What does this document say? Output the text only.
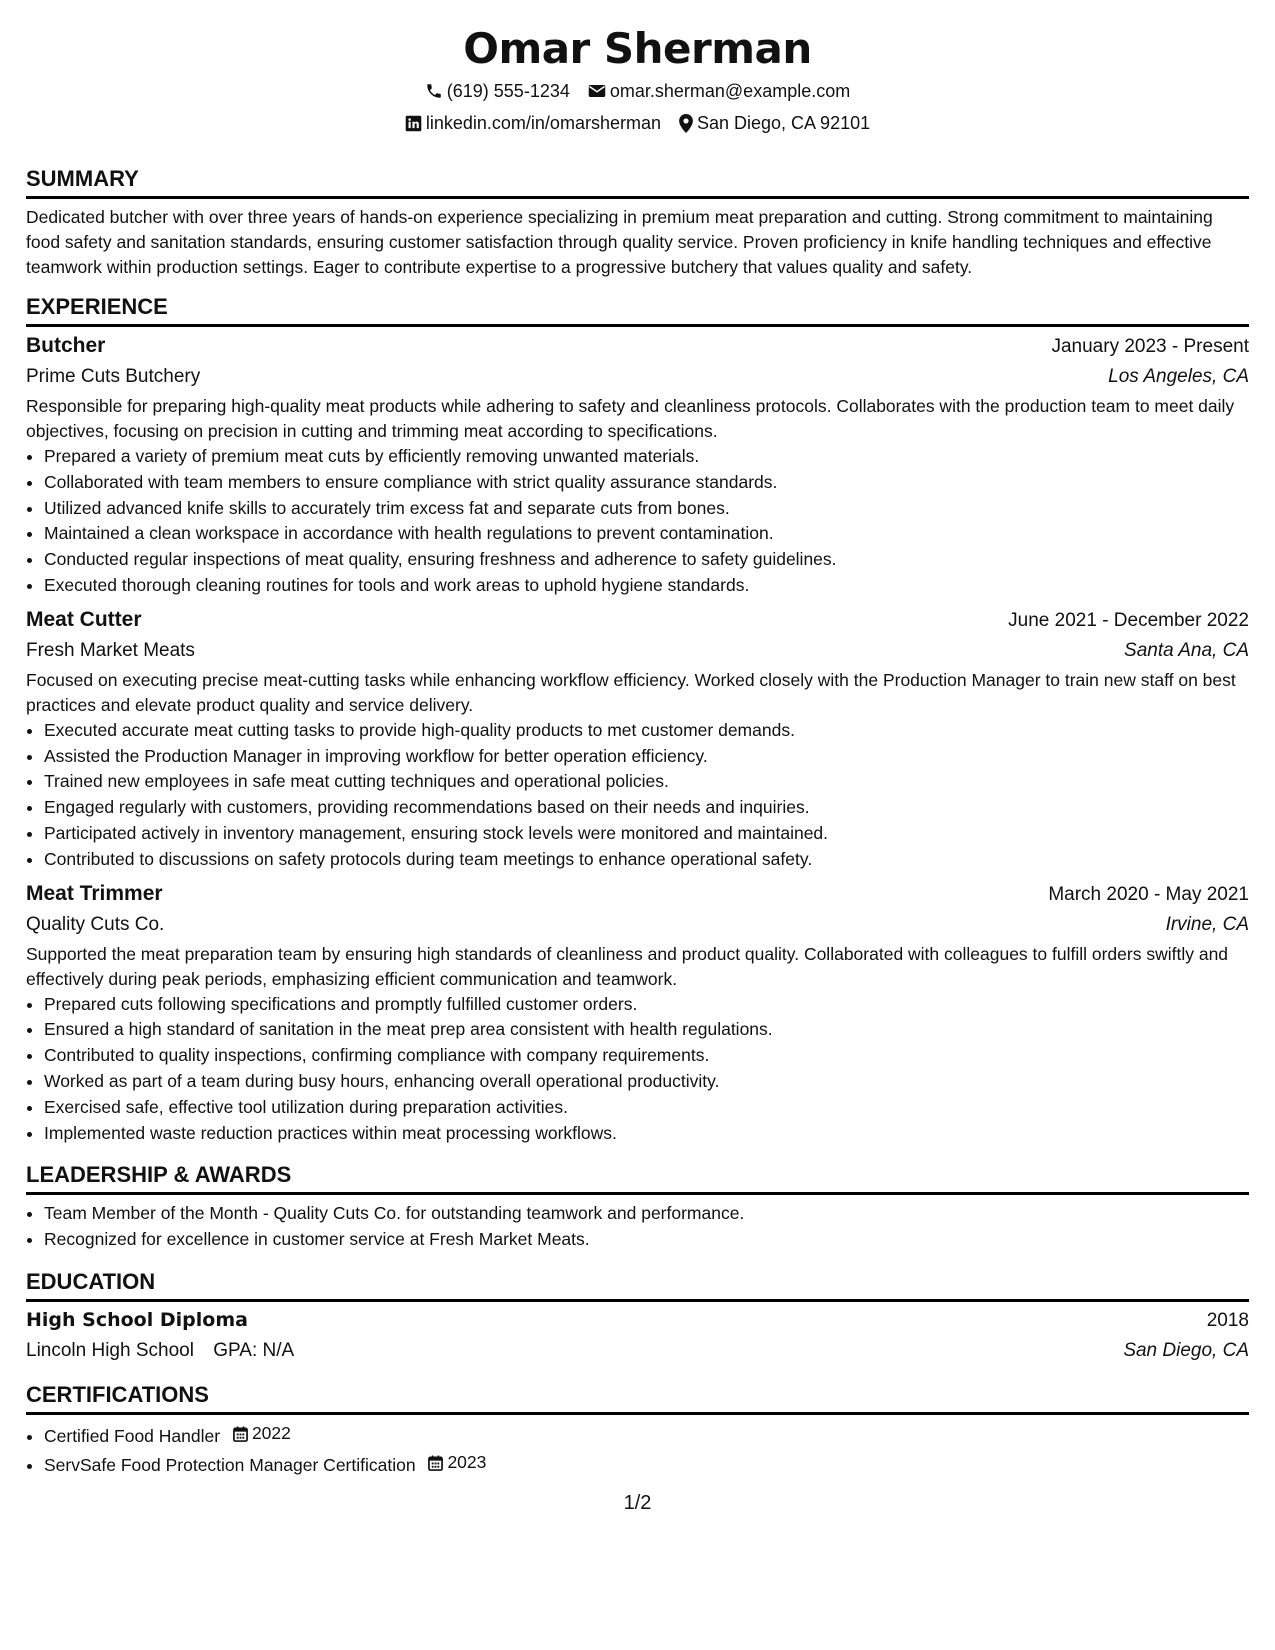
Omar Sherman
(619) 555-1234 omar.sherman@example.com
linkedin.com/in/omarsherman San Diego, CA 92101
SUMMARY

Dedicated butcher with over three years of hands-on experience specializing in premium meat preparation and cutting. Strong commitment to maintaining food safety and sanitation standards, ensuring customer satisfaction through quality service. Proven proficiency in knife handling techniques and effective teamwork within production settings. Eager to contribute expertise to a progressive butchery that values quality and safety.

EXPERIENCE
Butcher	January 2023 - Present
Prime Cuts Butchery	Los Angeles, CA

Responsible for preparing high-quality meat products while adhering to safety and cleanliness protocols. Collaborates with the production team to meet daily objectives, focusing on precision in cutting and trimming meat according to specifications.

• Prepared a variety of premium meat cuts by efficiently removing unwanted materials.
• Collaborated with team members to ensure compliance with strict quality assurance standards.
• Utilized advanced knife skills to accurately trim excess fat and separate cuts from bones.
• Maintained a clean workspace in accordance with health regulations to prevent contamination.
• Conducted regular inspections of meat quality, ensuring freshness and adherence to safety guidelines.
• Executed thorough cleaning routines for tools and work areas to uphold hygiene standards.
Meat Cutter	June 2021 - December 2022
Fresh Market Meats	Santa Ana, CA

Focused on executing precise meat-cutting tasks while enhancing workflow efficiency. Worked closely with the Production Manager to train new staff on best practices and elevate product quality and service delivery.

• Executed accurate meat cutting tasks to provide high-quality products to met customer demands.
• Assisted the Production Manager in improving workflow for better operation efficiency.
• Trained new employees in safe meat cutting techniques and operational policies.
• Engaged regularly with customers, providing recommendations based on their needs and inquiries.
• Participated actively in inventory management, ensuring stock levels were monitored and maintained.
• Contributed to discussions on safety protocols during team meetings to enhance operational safety.
Meat Trimmer	March 2020 - May 2021
Quality Cuts Co.	Irvine, CA

Supported the meat preparation team by ensuring high standards of cleanliness and product quality. Collaborated with colleagues to fulfill orders swiftly and effectively during peak periods, emphasizing efficient communication and teamwork.

• Prepared cuts following specifications and promptly fulfilled customer orders.
• Ensured a high standard of sanitation in the meat prep area consistent with health regulations.
• Contributed to quality inspections, confirming compliance with company requirements.
• Worked as part of a team during busy hours, enhancing overall operational productivity.
• Exercised safe, effective tool utilization during preparation activities.
• Implemented waste reduction practices within meat processing workflows.
LEADERSHIP & AWARDS
• Team Member of the Month - Quality Cuts Co. for outstanding teamwork and performance.
• Recognized for excellence in customer service at Fresh Market Meats.
EDUCATION
High School Diploma	2018
Lincoln High School GPA: N/A	San Diego, CA
CERTIFICATIONS
• Certified Food Handler 2022
• ServSafe Food Protection Manager Certification 2023
1/2
